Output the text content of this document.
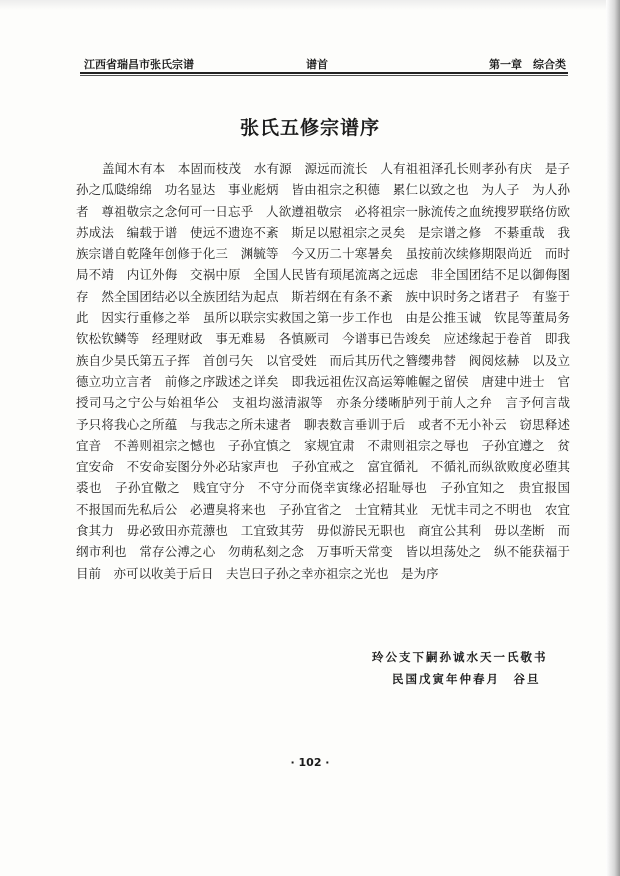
江西省瑞昌市张氏宗谱	谱首	第一章　综合类
张氏五修宗谱序

盖闻木有本　本固而枝茂　水有源　源远而流长　人有祖祖泽孔长则孝孙有庆　是子孙之瓜瓞绵绵　功名显达　事业彪炳　皆由祖宗之积德　累仁以致之也　为人子　为人孙者　尊祖敬宗之念何可一日忘乎　人欲遵祖敬宗　必将祖宗一脉流传之血统搜罗联络仿欧苏成法　编载于谱　使远不遗迩不紊　斯足以慰祖宗之灵矣　是宗谱之修　不綦重哉　我族宗谱自乾隆年创修于化三　渊毓等　今又历二十寒暑矣　虽按前次续修期限尚近　而时局不靖　内讧外侮　交祸中原　全国人民皆有顼尾流离之远虑　非全国团结不足以御侮图存　然全国团结必以全族团结为起点　斯若纲在有条不紊　族中识时务之诸君子　有鉴于此　因实行重修之举　虽所以联宗实救国之第一步工作也　由是公推玉诚　钦昆等董局务　钦松钦鳞等　经理财政　事无难易　各慎厥司　今谱事已告竣矣　应述缘起于卷首　即我族自少昊氏第五子挥　首创弓矢　以官受姓　而后其历代之簪缨弗替　阀阅炫赫　以及立德立功立言者　前修之序跋述之详矣　即我远祖佐汉高运筹帷幄之留侯　唐建中进士　官授司马之宁公与始祖华公　支祖均滋清淑等　亦条分缕晰胪列于前人之弁　言予何言哉　予只将我心之所蕴　与我志之所未逮者　聊表数言垂训于后　或者不无小补云　窃思释述宜音　不善则祖宗之憾也　子孙宜慎之　家规宜肃　不肃则祖宗之辱也　子孙宜遵之　贫宜安命　不安命妄图分外必玷家声也　子孙宜戒之　富宜循礼　不循礼而纵欲败度必堕其裘也　子孙宜儆之　贱宜守分　不守分而侥幸寅缘必招耻辱也　子孙宜知之　贵宜报国　不报国而先私后公　必遭臭将来也　子孙宜省之　士宜精其业　无忧丰司之不明也　农宜食其力　毋必致田亦荒薸也　工宜致其劳　毋似游民无职也　商宜公其利　毋以垄断　而纲市利也　常存公溥之心　勿萌私刻之念　万事听天常变　皆以坦荡处之　纵不能获福于目前　亦可以收美于后日　夫岂曰子孙之幸亦祖宗之光也　是为序

玲公支下嗣孙诚水天一氏敬书
民国戊寅年仲春月　谷旦
· 102 ·
